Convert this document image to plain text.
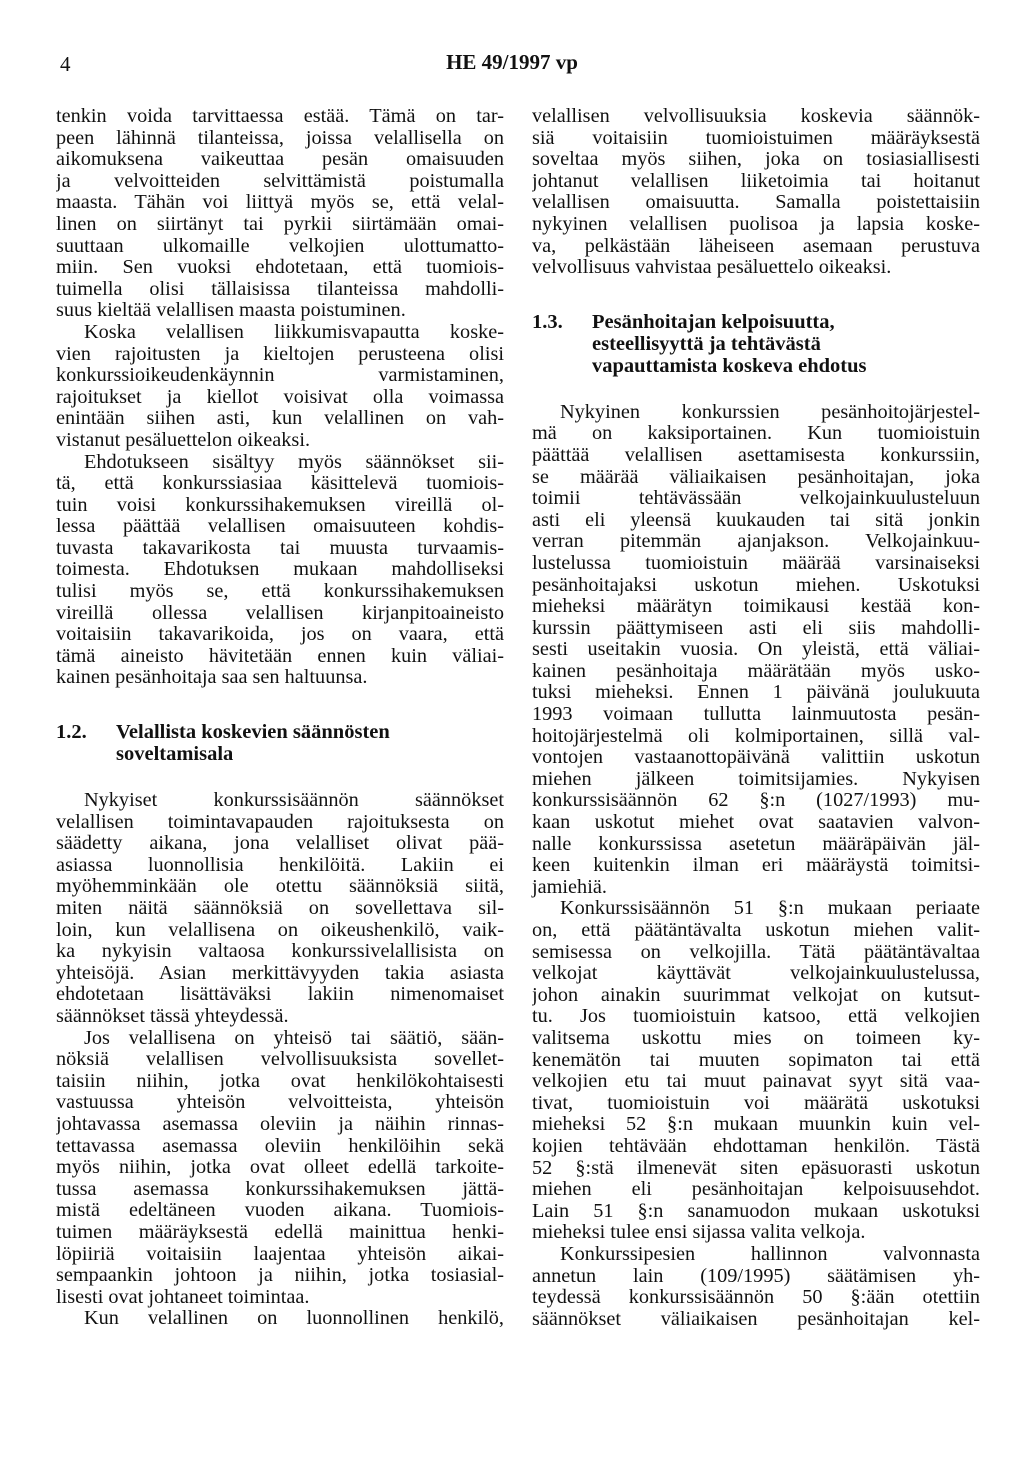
4	HE 49/1997 vp
tenkin voida tarvittaessa estää. Tämä on tar-
peen lähinnä tilanteissa, joissa velallisella on
aikomuksena vaikeuttaa pesän omaisuuden
ja velvoitteiden selvittämistä poistumalla
maasta. Tähän voi liittyä myös se, että velal-
linen on siirtänyt tai pyrkii siirtämään omai-
suuttaan ulkomaille velkojien ulottumatto-
miin. Sen vuoksi ehdotetaan, että tuomiois-
tuimella olisi tällaisissa tilanteissa mahdolli-
suus kieltää velallisen maasta poistuminen.
Koska velallisen liikkumisvapautta koske-
vien rajoitusten ja kieltojen perusteena olisi
konkurssioikeudenkäynnin varmistaminen,
rajoitukset ja kiellot voisivat olla voimassa
enintään siihen asti, kun velallinen on vah-
vistanut pesäluettelon oikeaksi.
Ehdotukseen sisältyy myös säännökset sii-
tä, että konkurssiasiaa käsittelevä tuomiois-
tuin voisi konkurssihakemuksen vireillä ol-
lessa päättää velallisen omaisuuteen kohdis-
tuvasta takavarikosta tai muusta turvaamis-
toimesta. Ehdotuksen mukaan mahdolliseksi
tulisi myös se, että konkurssihakemuksen
vireillä ollessa velallisen kirjanpitoaineisto
voitaisiin takavarikoida, jos on vaara, että
tämä aineisto hävitetään ennen kuin väliai-
kainen pesänhoitaja saa sen haltuunsa.
1.2.	Velallista koskevien säännösten
soveltamisala
Nykyiset konkurssisäännön säännökset
velallisen toimintavapauden rajoituksesta on
säädetty aikana, jona velalliset olivat pää-
asiassa luonnollisia henkilöitä. Lakiin ei
myöhemminkään ole otettu säännöksiä siitä,
miten näitä säännöksiä on sovellettava sil-
loin, kun velallisena on oikeushenkilö, vaik-
ka nykyisin valtaosa konkurssivelallisista on
yhteisöjä. Asian merkittävyyden takia asiasta
ehdotetaan lisättäväksi lakiin nimenomaiset
säännökset tässä yhteydessä.
Jos velallisena on yhteisö tai säätiö, sään-
nöksiä velallisen velvollisuuksista sovellet-
taisiin niihin, jotka ovat henkilökohtaisesti
vastuussa yhteisön velvoitteista, yhteisön
johtavassa asemassa oleviin ja näihin rinnas-
tettavassa asemassa oleviin henkilöihin sekä
myös niihin, jotka ovat olleet edellä tarkoite-
tussa asemassa konkurssihakemuksen jättä-
mistä edeltäneen vuoden aikana. Tuomiois-
tuimen määräyksestä edellä mainittua henki-
löpiiriä voitaisiin laajentaa yhteisön aikai-
sempaankin johtoon ja niihin, jotka tosiasial-
lisesti ovat johtaneet toimintaa.
Kun velallinen on luonnollinen henkilö,
velallisen velvollisuuksia koskevia säännök-
siä voitaisiin tuomioistuimen määräyksestä
soveltaa myös siihen, joka on tosiasiallisesti
johtanut velallisen liiketoimia tai hoitanut
velallisen omaisuutta. Samalla poistettaisiin
nykyinen velallisen puolisoa ja lapsia koske-
va, pelkästään läheiseen asemaan perustuva
velvollisuus vahvistaa pesäluettelo oikeaksi.
1.3.	Pesänhoitajan kelpoisuutta,
esteellisyyttä ja tehtävästä
vapauttamista koskeva ehdotus
Nykyinen konkurssien pesänhoitojärjestel-
mä on kaksiportainen. Kun tuomioistuin
päättää velallisen asettamisesta konkurssiin,
se määrää väliaikaisen pesänhoitajan, joka
toimii tehtävässään velkojainkuulusteluun
asti eli yleensä kuukauden tai sitä jonkin
verran pitemmän ajanjakson. Velkojainkuu-
lustelussa tuomioistuin määrää varsinaiseksi
pesänhoitajaksi uskotun miehen. Uskotuksi
mieheksi määrätyn toimikausi kestää kon-
kurssin päättymiseen asti eli siis mahdolli-
sesti useitakin vuosia. On yleistä, että väliai-
kainen pesänhoitaja määrätään myös usko-
tuksi mieheksi. Ennen 1 päivänä joulukuuta
1993 voimaan tullutta lainmuutosta pesän-
hoitojärjestelmä oli kolmiportainen, sillä val-
vontojen vastaanottopäivänä valittiin uskotun
miehen jälkeen toimitsijamies. Nykyisen
konkurssisäännön 62 §:n (1027/1993) mu-
kaan uskotut miehet ovat saatavien valvon-
nalle konkurssissa asetetun määräpäivän jäl-
keen kuitenkin ilman eri määräystä toimitsi-
jamiehiä.
Konkurssisäännön 51 §:n mukaan periaate
on, että päätäntävalta uskotun miehen valit-
semisessa on velkojilla. Tätä päätäntävaltaa
velkojat käyttävät velkojainkuulustelussa,
johon ainakin suurimmat velkojat on kutsut-
tu. Jos tuomioistuin katsoo, että velkojien
valitsema uskottu mies on toimeen ky-
kenemätön tai muuten sopimaton tai että
velkojien etu tai muut painavat syyt sitä vaa-
tivat, tuomioistuin voi määrätä uskotuksi
mieheksi 52 §:n mukaan muunkin kuin vel-
kojien tehtävään ehdottaman henkilön. Tästä
52 §:stä ilmenevät siten epäsuorasti uskotun
miehen eli pesänhoitajan kelpoisuusehdot.
Lain 51 §:n sanamuodon mukaan uskotuksi
mieheksi tulee ensi sijassa valita velkoja.
Konkurssipesien hallinnon valvonnasta
annetun lain (109/1995) säätämisen yh-
teydessä konkurssisäännön 50 §:ään otettiin
säännökset väliaikaisen pesänhoitajan kel-
